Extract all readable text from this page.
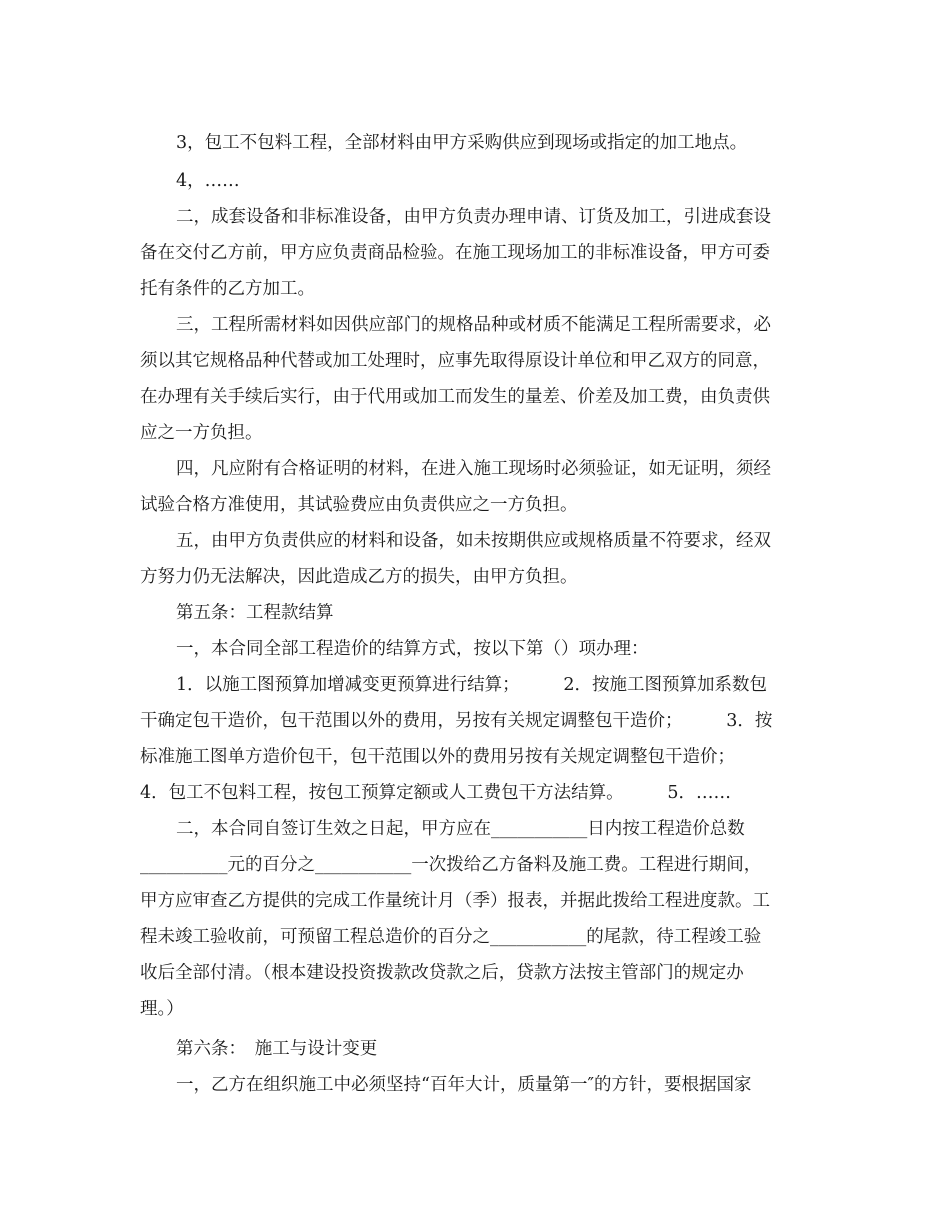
3，包工不包料工程，全部材料由甲方采购供应到现场或指定的加工地点。
4，……
二，成套设备和非标准设备，由甲方负责办理申请、订货及加工，引进成套设
备在交付乙方前，甲方应负责商品检验。在施工现场加工的非标准设备，甲方可委
托有条件的乙方加工。
三，工程所需材料如因供应部门的规格品种或材质不能满足工程所需要求，必
须以其它规格品种代替或加工处理时，应事先取得原设计单位和甲乙双方的同意，
在办理有关手续后实行，由于代用或加工而发生的量差、价差及加工费，由负责供
应之一方负担。
四，凡应附有合格证明的材料，在进入施工现场时必须验证，如无证明，须经
试验合格方准使用，其试验费应由负责供应之一方负担。
五，由甲方负责供应的材料和设备，如未按期供应或规格质量不符要求，经双
方努力仍无法解决，因此造成乙方的损失，由甲方负担。
第五条：工程款结算
一，本合同全部工程造价的结算方式，按以下第（）项办理：
1．以施工图预算加增减变更预算进行结算；　　　2．按施工图预算加系数包
干确定包干造价，包干范围以外的费用，另按有关规定调整包干造价；　　　3．按
标准施工图单方造价包干，包干范围以外的费用另按有关规定调整包干造价；
4．包工不包料工程，按包工预算定额或人工费包干方法结算。　　　5．……
二，本合同自签订生效之日起，甲方应在___________日内按工程造价总数
__________元的百分之___________一次拨给乙方备料及施工费。工程进行期间，
甲方应审查乙方提供的完成工作量统计月（季）报表，并据此拨给工程进度款。工
程未竣工验收前，可预留工程总造价的百分之___________的尾款，待工程竣工验
收后全部付清。（根本建设投资拨款改贷款之后，贷款方法按主管部门的规定办
理。）
第六条：　施工与设计变更
一，乙方在组织施工中必须坚持“百年大计，质量第一″的方针，要根据国家
